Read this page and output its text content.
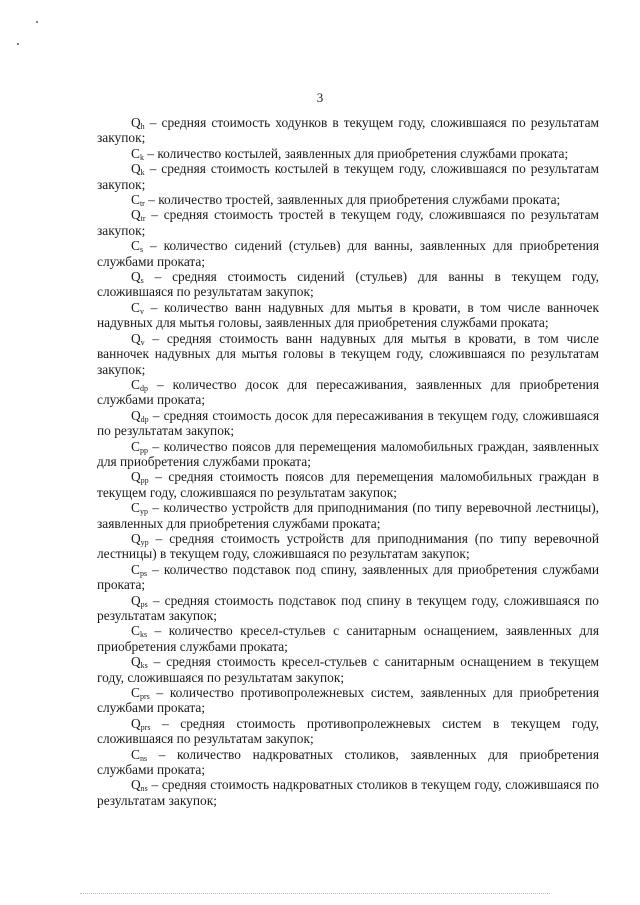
3

$Q_h$ – средняя стоимость ходунков в текущем году, сложившаяся по результатам закупок;

$C_k$ – количество костылей, заявленных для приобретения службами проката;

$Q_k$ – средняя стоимость костылей в текущем году, сложившаяся по результатам закупок;

$C_{tr}$ – количество тростей, заявленных для приобретения службами проката;

$Q_{tr}$ – средняя стоимость тростей в текущем году, сложившаяся по результатам закупок;

$C_s$ – количество сидений (стульев) для ванны, заявленных для приобретения службами проката;

$Q_s$ – средняя стоимость сидений (стульев) для ванны в текущем году, сложившаяся по результатам закупок;

$C_v$ – количество ванн надувных для мытья в кровати, в том числе ванночек надувных для мытья головы, заявленных для приобретения службами проката;

$Q_v$ – средняя стоимость ванн надувных для мытья в кровати, в том числе ванночек надувных для мытья головы в текущем году, сложившаяся по результатам закупок;

$C_{dp}$ – количество досок для пересаживания, заявленных для приобретения службами проката;

$Q_{dp}$ – средняя стоимость досок для пересаживания в текущем году, сложившаяся по результатам закупок;

$C_{pp}$ – количество поясов для перемещения маломобильных граждан, заявленных для приобретения службами проката;

$Q_{pp}$ – средняя стоимость поясов для перемещения маломобильных граждан в текущем году, сложившаяся по результатам закупок;

$C_{yp}$ – количество устройств для приподнимания (по типу веревочной лестницы), заявленных для приобретения службами проката;

$Q_{yp}$ – средняя стоимость устройств для приподнимания (по типу веревочной лестницы) в текущем году, сложившаяся по результатам закупок;

$C_{ps}$ – количество подставок под спину, заявленных для приобретения службами проката;

$Q_{ps}$ – средняя стоимость подставок под спину в текущем году, сложившаяся по результатам закупок;

$C_{ks}$ – количество кресел-стульев с санитарным оснащением, заявленных для приобретения службами проката;

$Q_{ks}$ – средняя стоимость кресел-стульев с санитарным оснащением в текущем году, сложившаяся по результатам закупок;

$C_{prs}$ – количество противопролежневых систем, заявленных для приобретения службами проката;

$Q_{prs}$ – средняя стоимость противопролежневых систем в текущем году, сложившаяся по результатам закупок;

$C_{ns}$ – количество надкроватных столиков, заявленных для приобретения службами проката;

$Q_{ns}$ – средняя стоимость надкроватных столиков в текущем году, сложившаяся по результатам закупок;
